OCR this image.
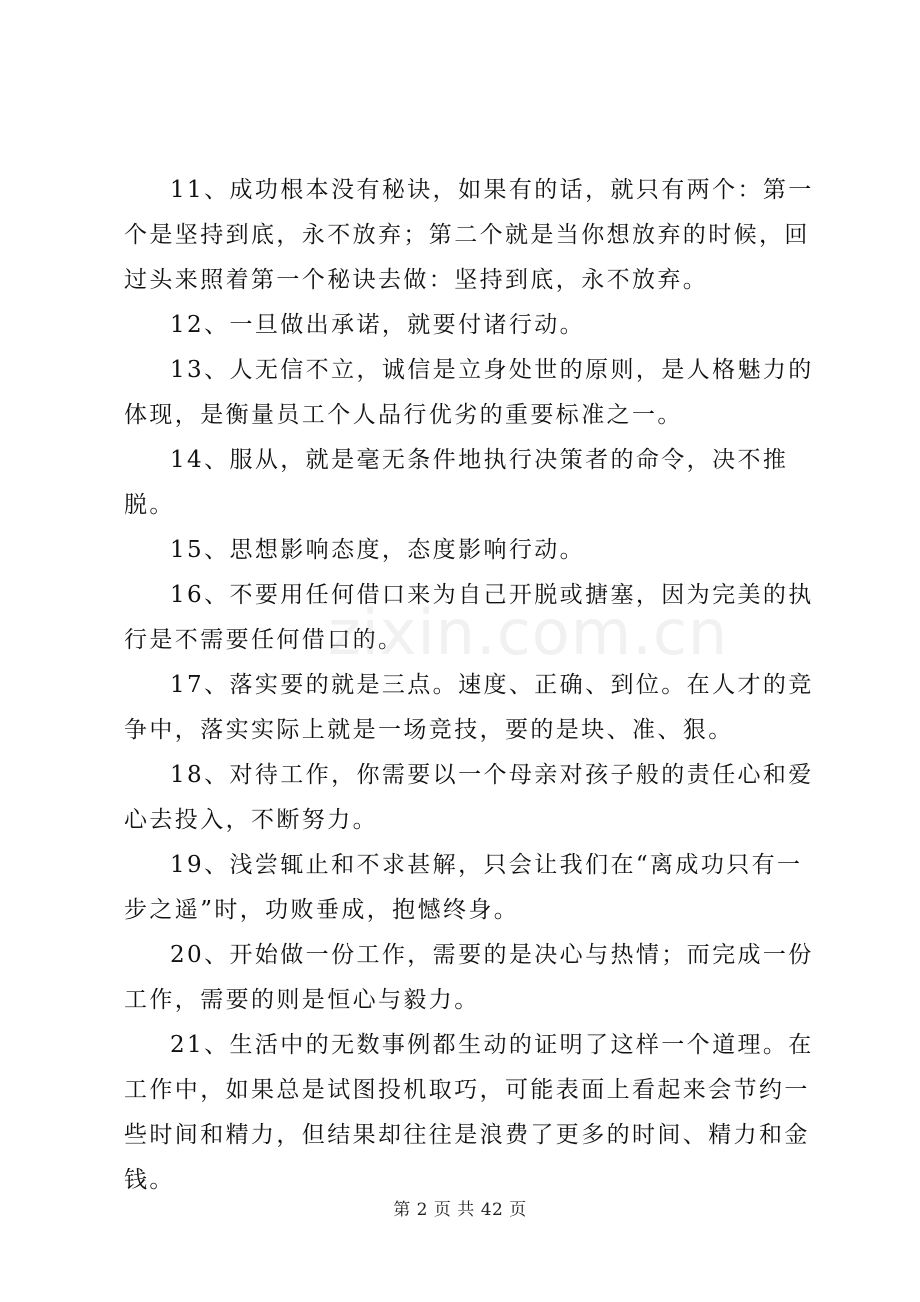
11、成功根本没有秘诀，如果有的话，就只有两个：第一个是坚持到底，永不放弃；第二个就是当你想放弃的时候，回过头来照着第一个秘诀去做：坚持到底，永不放弃。

12、一旦做出承诺，就要付诸行动。

13、人无信不立，诚信是立身处世的原则，是人格魅力的体现，是衡量员工个人品行优劣的重要标准之一。

14、服从，就是毫无条件地执行决策者的命令，决不推脱。

15、思想影响态度，态度影响行动。

16、不要用任何借口来为自己开脱或搪塞，因为完美的执行是不需要任何借口的。

17、落实要的就是三点。速度、正确、到位。在人才的竞争中，落实实际上就是一场竞技，要的是块、准、狠。

18、对待工作，你需要以一个母亲对孩子般的责任心和爱心去投入，不断努力。

19、浅尝辄止和不求甚解，只会让我们在“离成功只有一步之遥”时，功败垂成，抱憾终身。

20、开始做一份工作，需要的是决心与热情；而完成一份工作，需要的则是恒心与毅力。

21、生活中的无数事例都生动的证明了这样一个道理。在工作中，如果总是试图投机取巧，可能表面上看起来会节约一些时间和精力，但结果却往往是浪费了更多的时间、精力和金钱。

zixin.com.cn
第 2 页 共 42 页
